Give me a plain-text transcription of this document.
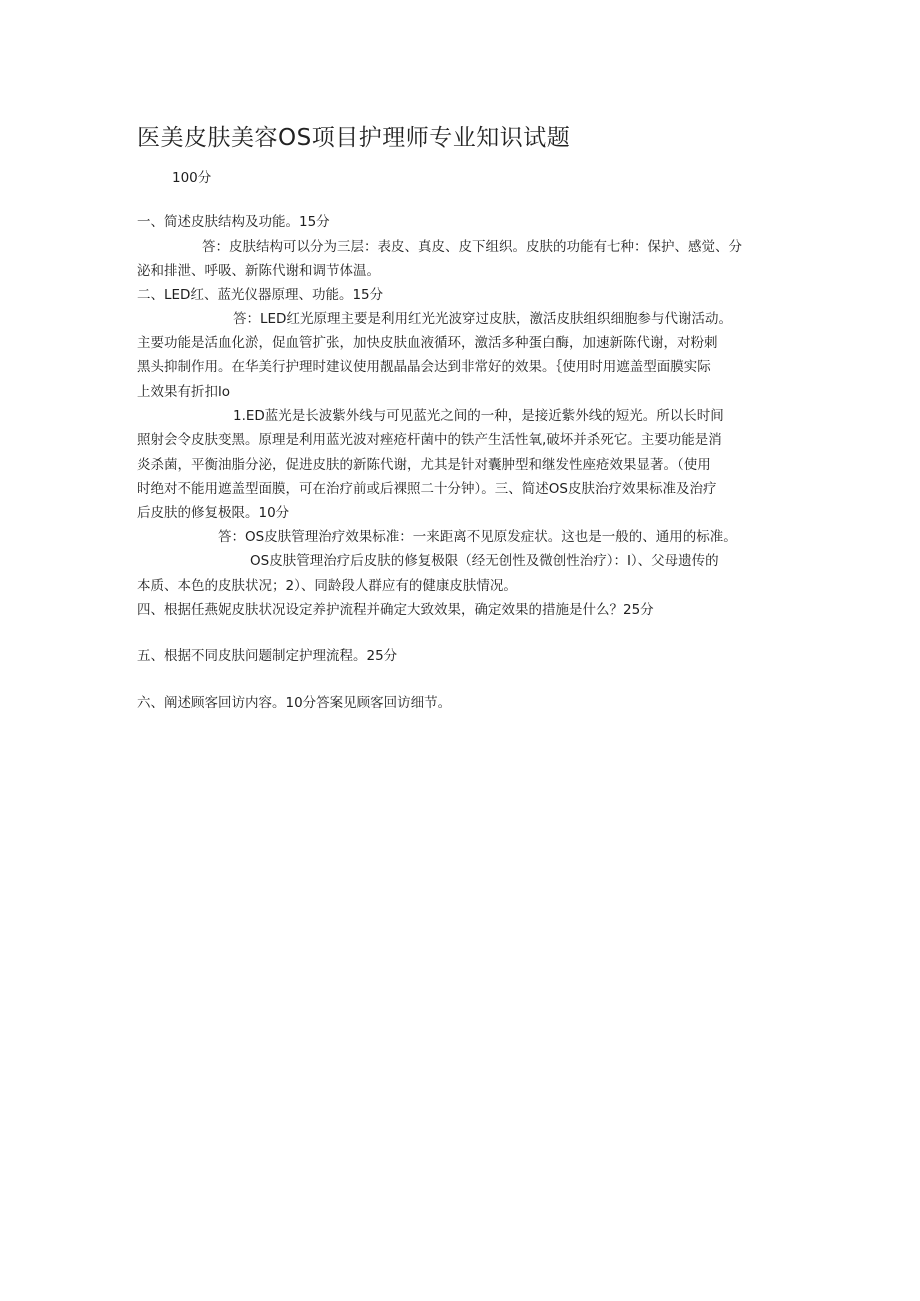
医美皮肤美容OS项目护理师专业知识试题
100分
一、简述皮肤结构及功能。15分
答：皮肤结构可以分为三层：表皮、真皮、皮下组织。皮肤的功能有七种：保护、感觉、分
泌和排泄、呼吸、新陈代谢和调节体温。
二、LED红、蓝光仪器原理、功能。15分
答：LED红光原理主要是利用红光光波穿过皮肤，激活皮肤组织细胞参与代谢活动。
主要功能是活血化淤，促血管扩张，加快皮肤血液循环，激活多种蛋白酶，加速新陈代谢，对粉刺
黑头抑制作用。在华美行护理时建议使用靓晶晶会达到非常好的效果。｛使用时用遮盖型面膜实际
上效果有折扣lo
1.ED蓝光是长波紫外线与可见蓝光之间的一种，是接近紫外线的短光。所以长时间
照射会令皮肤变黑。原理是利用蓝光波对痤疮杆菌中的铁产生活性氧,破坏并杀死它。主要功能是消
炎杀菌，平衡油脂分泌，促进皮肤的新陈代谢，尤其是针对囊肿型和继发性座疮效果显著。（使用
时绝对不能用遮盖型面膜，可在治疗前或后裸照二十分钟）。三、简述OS皮肤治疗效果标准及治疗
后皮肤的修复极限。10分
答：OS皮肤管理治疗效果标准：一来距离不见原发症状。这也是一般的、通用的标准。
OS皮肤管理治疗后皮肤的修复极限（经无创性及微创性治疗）：I）、父母遗传的
本质、本色的皮肤状况；2）、同龄段人群应有的健康皮肤情况。
四、根据任燕妮皮肤状况设定养护流程并确定大致效果，确定效果的措施是什么？25分
五、根据不同皮肤问题制定护理流程。25分
六、阐述顾客回访内容。10分答案见顾客回访细节。
